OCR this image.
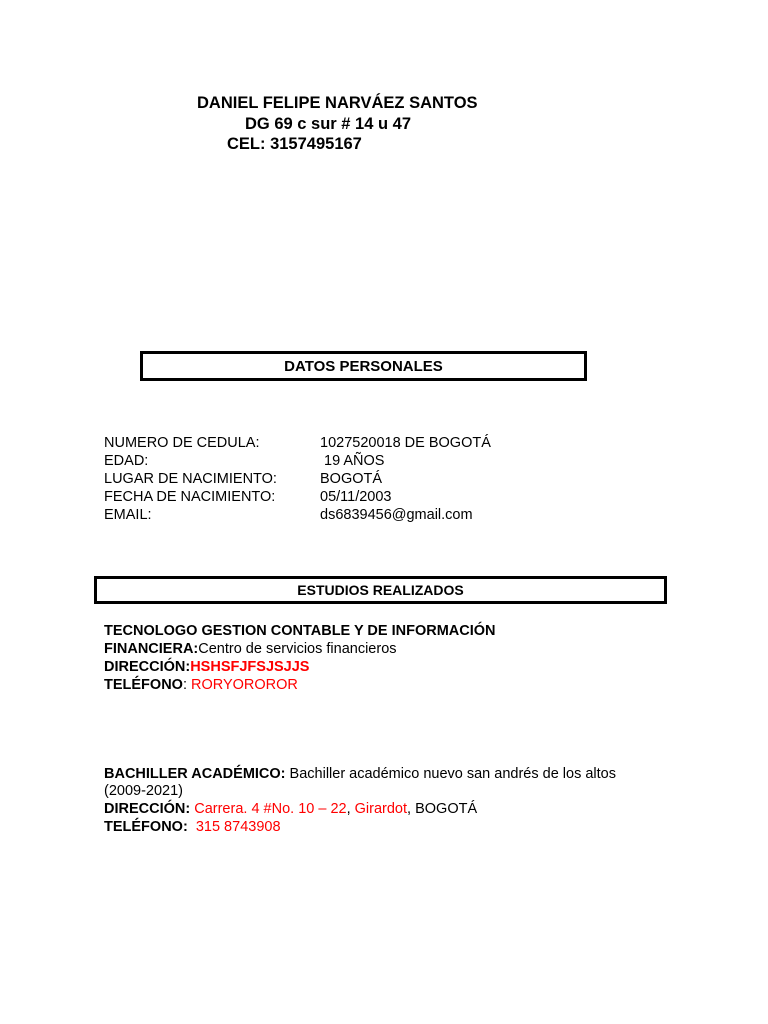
DANIEL FELIPE NARVÁEZ SANTOS
DG 69 c sur # 14 u 47
CEL: 3157495167
DATOS PERSONALES
NUMERO DE CEDULA:	1027520018 DE BOGOTÁ
EDAD:	19 AÑOS
LUGAR DE NACIMIENTO:	BOGOTÁ
FECHA DE NACIMIENTO:	05/11/2003
EMAIL:	ds6839456@gmail.com
ESTUDIOS REALIZADOS
TECNOLOGO GESTION CONTABLE Y DE INFORMACIÓN
FINANCIERA:Centro de servicios financieros
DIRECCIÓN:HSHSFJFSJSJJS
TELÉFONO: RORYOROROR
BACHILLER ACADÉMICO: Bachiller académico nuevo san andrés de los altos
(2009-2021)
DIRECCIÓN: Carrera. 4 #No. 10 – 22, Girardot, BOGOTÁ
TELÉFONO:  315 8743908
